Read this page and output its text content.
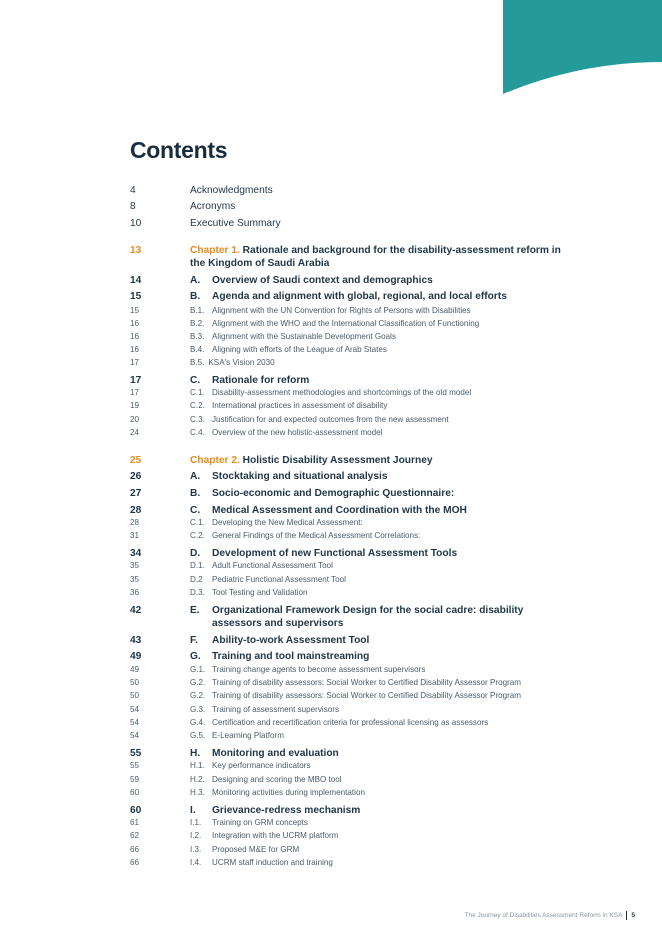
Contents
4	Acknowledgments
8	Acronyms
10	Executive Summary
13	Chapter 1. Rationale and background for the disability-assessment reform in the Kingdom of Saudi Arabia
14	A. Overview of Saudi context and demographics
15	B. Agenda and alignment with global, regional, and local efforts
15	B.1. Alignment with the UN Convention for Rights of Persons with Disabilities
16	B.2. Alignment with the WHO and the International Classification of Functioning
16	B.3. Alignment with the Sustainable Development Goals
16	B.4. Aligning with efforts of the League of Arab States
17	B.5. KSA's Vision 2030
17	C. Rationale for reform
17	C.1. Disability-assessment methodologies and shortcomings of the old model
19	C.2. International practices in assessment of disability
20	C.3. Justification for and expected outcomes from the new assessment
24	C.4. Overview of the new holistic-assessment model
25	Chapter 2. Holistic Disability Assessment Journey
26	A. Stocktaking and situational analysis
27	B. Socio-economic and Demographic Questionnaire:
28	C. Medical Assessment and Coordination with the MOH
28	C.1. Developing the New Medical Assessment:
31	C.2. General Findings of the Medical Assessment Correlations:
34	D. Development of new Functional Assessment Tools
35	D.1. Adult Functional Assessment Tool
35	D.2 Pediatric Functional Assessment Tool
36	D.3. Tool Testing and Validation
42	E. Organizational Framework Design for the social cadre: disability assessors and supervisors
43	F. Ability-to-work Assessment Tool
49	G. Training and tool mainstreaming
49	G.1. Training change agents to become assessment supervisors
50	G.2. Training of disability assessors: Social Worker to Certified Disability Assessor Program
50	G.2. Training of disability assessors: Social Worker to Certified Disability Assessor Program
54	G.3. Training of assessment supervisors
54	G.4. Certification and recertification criteria for professional licensing as assessors
54	G.5. E-Learning Platform
55	H. Monitoring and evaluation
55	H.1. Key performance indicators
59	H.2. Designing and scoring the MBO tool
60	H.3. Monitoring activities during implementation
60	I. Grievance-redress mechanism
61	I.1. Training on GRM concepts
62	I.2. Integration with the UCRM platform
66	I.3. Proposed M&E for GRM
66	I.4. UCRM staff induction and training
The Journey of Disabilities Assessment Reform in KSA 5
